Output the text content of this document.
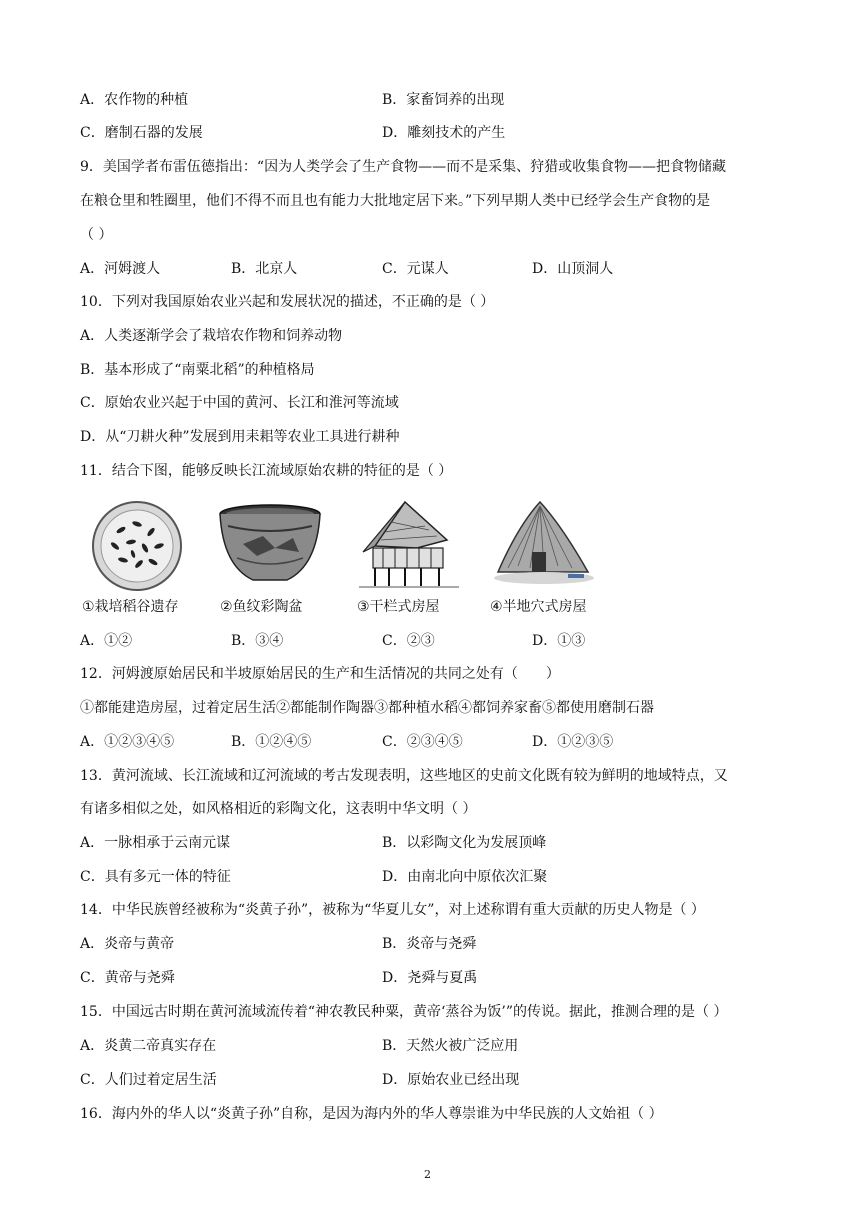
A．农作物的种植	B．家畜饲养的出现
C．磨制石器的发展	D．雕刻技术的产生
9．美国学者布雷伍德指出：“因为人类学会了生产食物——而不是采集、狩猎或收集食物——把食物储藏
在粮仓里和牲圈里，他们不得不而且也有能力大批地定居下来。”下列早期人类中已经学会生产食物的是
（ ）
A．河姆渡人	B．北京人	C．元谋人	D．山顶洞人
10．下列对我国原始农业兴起和发展状况的描述，不正确的是（ ）
A．人类逐渐学会了栽培农作物和饲养动物
B．基本形成了“南粟北稻”的种植格局
C．原始农业兴起于中国的黄河、长江和淮河等流域
D．从“刀耕火种”发展到用耒耜等农业工具进行耕种
11．结合下图，能够反映长江流域原始农耕的特征的是（ ）
①栽培稻谷遗存	②鱼纹彩陶盆	③干栏式房屋	④半地穴式房屋
A．①②	B．③④	C．②③	D．①③
12．河姆渡原始居民和半坡原始居民的生产和生活情况的共同之处有（　　）
①都能建造房屋，过着定居生活②都能制作陶器③都种植水稻④都饲养家畜⑤都使用磨制石器
A．①②③④⑤	B．①②④⑤	C．②③④⑤	D．①②③⑤
13．黄河流域、长江流域和辽河流域的考古发现表明，这些地区的史前文化既有较为鲜明的地域特点，又
有诸多相似之处，如风格相近的彩陶文化，这表明中华文明（ ）
A．一脉相承于云南元谋	B．以彩陶文化为发展顶峰
C．具有多元一体的特征	D．由南北向中原依次汇聚
14．中华民族曾经被称为“炎黄子孙”，被称为“华夏儿女”，对上述称谓有重大贡献的历史人物是（ ）
A．炎帝与黄帝	B．炎帝与尧舜
C．黄帝与尧舜	D．尧舜与夏禹
15．中国远古时期在黄河流域流传着“神农教民种粟，黄帝‘蒸谷为饭’”的传说。据此，推测合理的是（ ）
A．炎黄二帝真实存在	B．天然火被广泛应用
C．人们过着定居生活	D．原始农业已经出现
16．海内外的华人以“炎黄子孙”自称，是因为海内外的华人尊崇谁为中华民族的人文始祖（ ）
2
